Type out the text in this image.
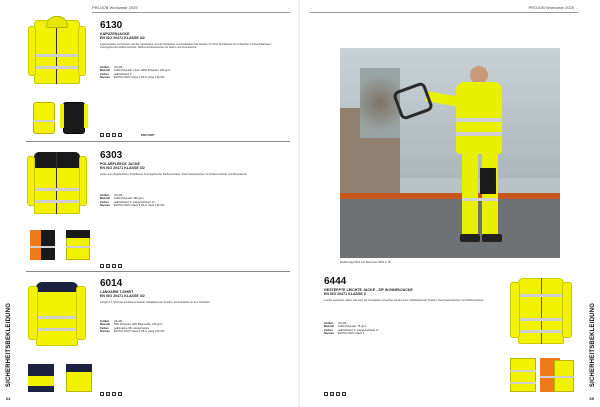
PROJOB Workwear 2025
6130
KAPUZENJACKE
EN ISO 20471 KLASSE 3/2
Kapuzenjacke mit Polstern auf der Vorderseite und der Rückseite. Hochreflektierende Streifen für hohe Sichtbarkeit bei schlechten Lichtverhältnissen. Durchgehender Reißverschluss. Reißverschlusstaschen an Seiten und Innentasche.
Größen	XS-4XL
Material	100% Polyester, innen 100% Polyester, 460 g/m²
Farben	gelb/schwarz 9
Normen	EN ISO 20471 Class 3 XS-S, class 2 M-4XL
~	×	○	•	PRO CERT
6303
POLARFLEECE JACKE
EN ISO 20471 KLASSE 3/2
Jacke aus pflegeleichtem Polarfleece. Durchgehender Reißverschluss. Zwei Seitentaschen mit Reißverschluss und Brusttasche.
Größen	XS-4XL
Material	100% Polyester, 280 g/m²
Farben	gelb/schwarz 9, orange/schwarz 17
Normen	EN ISO 20471 Class 3 XS-S, class 2 M-4XL
~	×	○	•
6014
LANGARM T-SHIRT
EN ISO 20471 KLASSE 3/2
Langarm T-Shirt aus Funktionsmaterial. Reflektierende Streifen. Kontrastfarbe an den Schultern.
Größen	XS-4XL
Material	55% Polyester, 45% Baumwolle, 165 g/m²
Farben	gelb/marine 98, orange/marine
Normen	EN ISO 20471 Class 3 XS-S, class 2 M-4XL
~	×	○	•
SICHERHEITSBEKLEIDUNG
64
PROJOB Workwear 2025
6444
GESTEPPTE LEICHTE JACKE - ZIP IN INNENJACKE
EN ISO 20471 KLASSE 3
Leichte gesteppte Jacke, die auch als Innenjacke verwendet werden kann. Reflektierende Streifen. Zwei Seitentaschen mit Reißverschluss.
Größen	XS-4XL
Material	100% Polyester, 75 g/m²
Farben	gelb/schwarz 9, orange/schwarz 17
Normen	EN ISO 20471 Class 3
~	×	○	•
SICHERHEITSBEKLEIDUNG
65
Modell trägt 6415 und Warnhose 6515 in 78
